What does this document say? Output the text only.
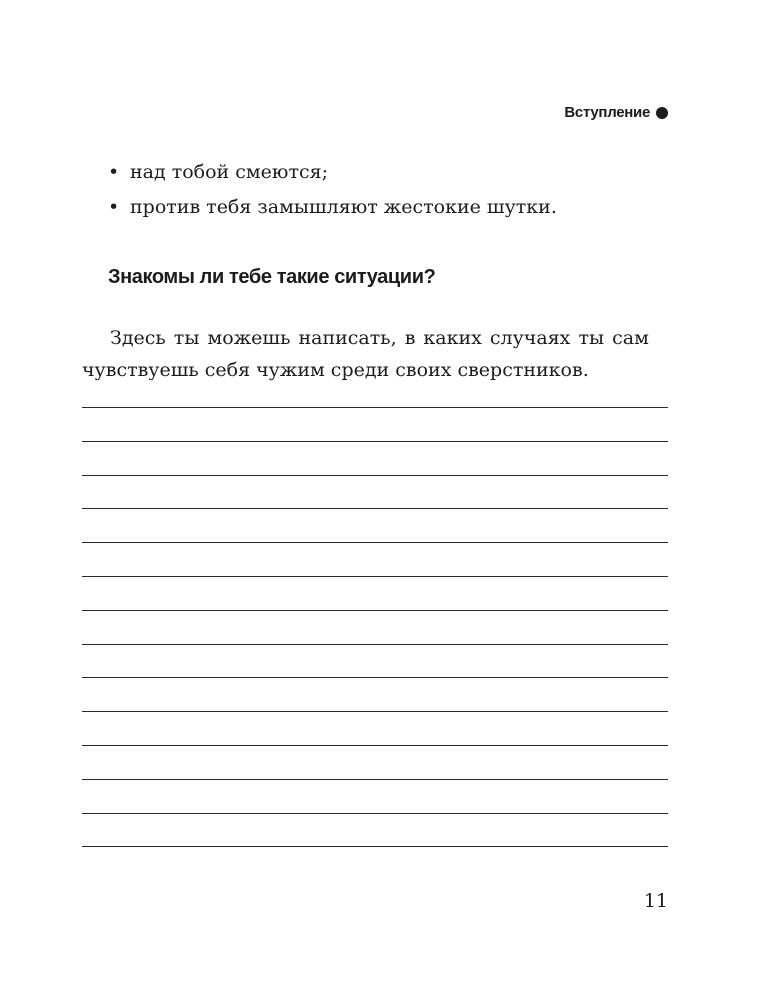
Вступление
• над тобой смеются;
• против тебя замышляют жестокие шутки.
Знакомы ли тебе такие ситуации?
Здесь ты можешь написать, в каких случаях ты сам
чувствуешь себя чужим среди своих сверстников.
11
